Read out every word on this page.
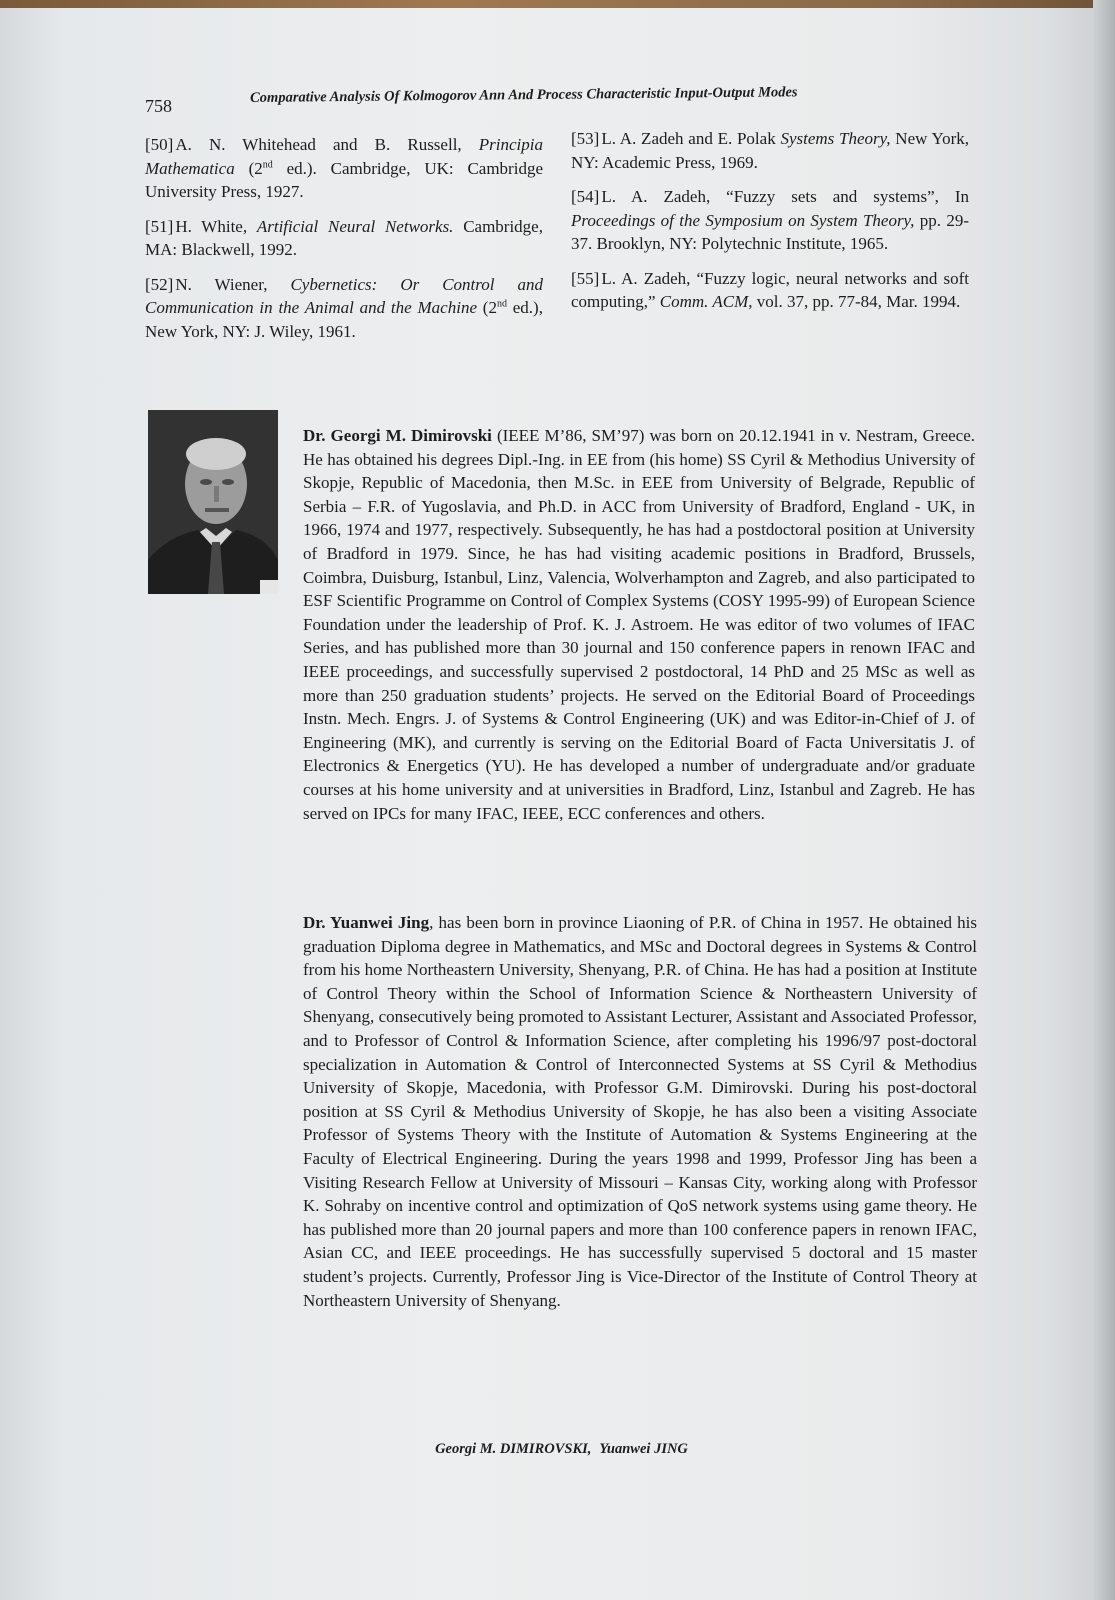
758
Comparative Analysis Of Kolmogorov Ann And Process Characteristic Input-Output Modes

[50] A. N. Whitehead and B. Russell, Principia Mathematica (2nd ed.). Cambridge, UK: Cambridge University Press, 1927.

[51] H. White, Artificial Neural Networks. Cambridge, MA: Blackwell, 1992.

[52] N. Wiener, Cybernetics: Or Control and Communication in the Animal and the Machine (2nd ed.), New York, NY: J. Wiley, 1961.

[53] L. A. Zadeh and E. Polak Systems Theory, New York, NY: Academic Press, 1969.

[54] L. A. Zadeh, “Fuzzy sets and systems”, In Proceedings of the Symposium on System Theory, pp. 29-37. Brooklyn, NY: Polytechnic Institute, 1965.

[55] L. A. Zadeh, “Fuzzy logic, neural networks and soft computing,” Comm. ACM, vol. 37, pp. 77-84, Mar. 1994.

Dr. Georgi M. Dimirovski (IEEE M’86, SM’97) was born on 20.12.1941 in v. Nestram, Greece. He has obtained his degrees Dipl.-Ing. in EE from (his home) SS Cyril & Methodius University of Skopje, Republic of Macedonia, then M.Sc. in EEE from University of Belgrade, Republic of Serbia – F.R. of Yugoslavia, and Ph.D. in ACC from University of Bradford, England - UK, in 1966, 1974 and 1977, respectively. Subsequently, he has had a postdoctoral position at University of Bradford in 1979. Since, he has had visiting academic positions in Bradford, Brussels, Coimbra, Duisburg, Istanbul, Linz, Valencia, Wolverhampton and Zagreb, and also participated to ESF Scientific Programme on Control of Complex Systems (COSY 1995-99) of European Science Foundation under the leadership of Prof. K. J. Astroem. He was editor of two volumes of IFAC Series, and has published more than 30 journal and 150 conference papers in renown IFAC and IEEE proceedings, and successfully supervised 2 postdoctoral, 14 PhD and 25 MSc as well as more than 250 graduation students’ projects. He served on the Editorial Board of Proceedings Instn. Mech. Engrs. J. of Systems & Control Engineering (UK) and was Editor-in-Chief of J. of Engineering (MK), and currently is serving on the Editorial Board of Facta Universitatis J. of Electronics & Energetics (YU). He has developed a number of undergraduate and/or graduate courses at his home university and at universities in Bradford, Linz, Istanbul and Zagreb. He has served on IPCs for many IFAC, IEEE, ECC conferences and others.

Dr. Yuanwei Jing, has been born in province Liaoning of P.R. of China in 1957. He obtained his graduation Diploma degree in Mathematics, and MSc and Doctoral degrees in Systems & Control from his home Northeastern University, Shenyang, P.R. of China. He has had a position at Institute of Control Theory within the School of Information Science & Northeastern University of Shenyang, consecutively being promoted to Assistant Lecturer, Assistant and Associated Professor, and to Professor of Control & Information Science, after completing his 1996/97 post-doctoral specialization in Automation & Control of Interconnected Systems at SS Cyril & Methodius University of Skopje, Macedonia, with Professor G.M. Dimirovski. During his post-doctoral position at SS Cyril & Methodius University of Skopje, he has also been a visiting Associate Professor of Systems Theory with the Institute of Automation & Systems Engineering at the Faculty of Electrical Engineering. During the years 1998 and 1999, Professor Jing has been a Visiting Research Fellow at University of Missouri – Kansas City, working along with Professor K. Sohraby on incentive control and optimization of QoS network systems using game theory. He has published more than 20 journal papers and more than 100 conference papers in renown IFAC, Asian CC, and IEEE proceedings. He has successfully supervised 5 doctoral and 15 master student’s projects. Currently, Professor Jing is Vice-Director of the Institute of Control Theory at Northeastern University of Shenyang.

Georgi M. DIMIROVSKI, Yuanwei JING
